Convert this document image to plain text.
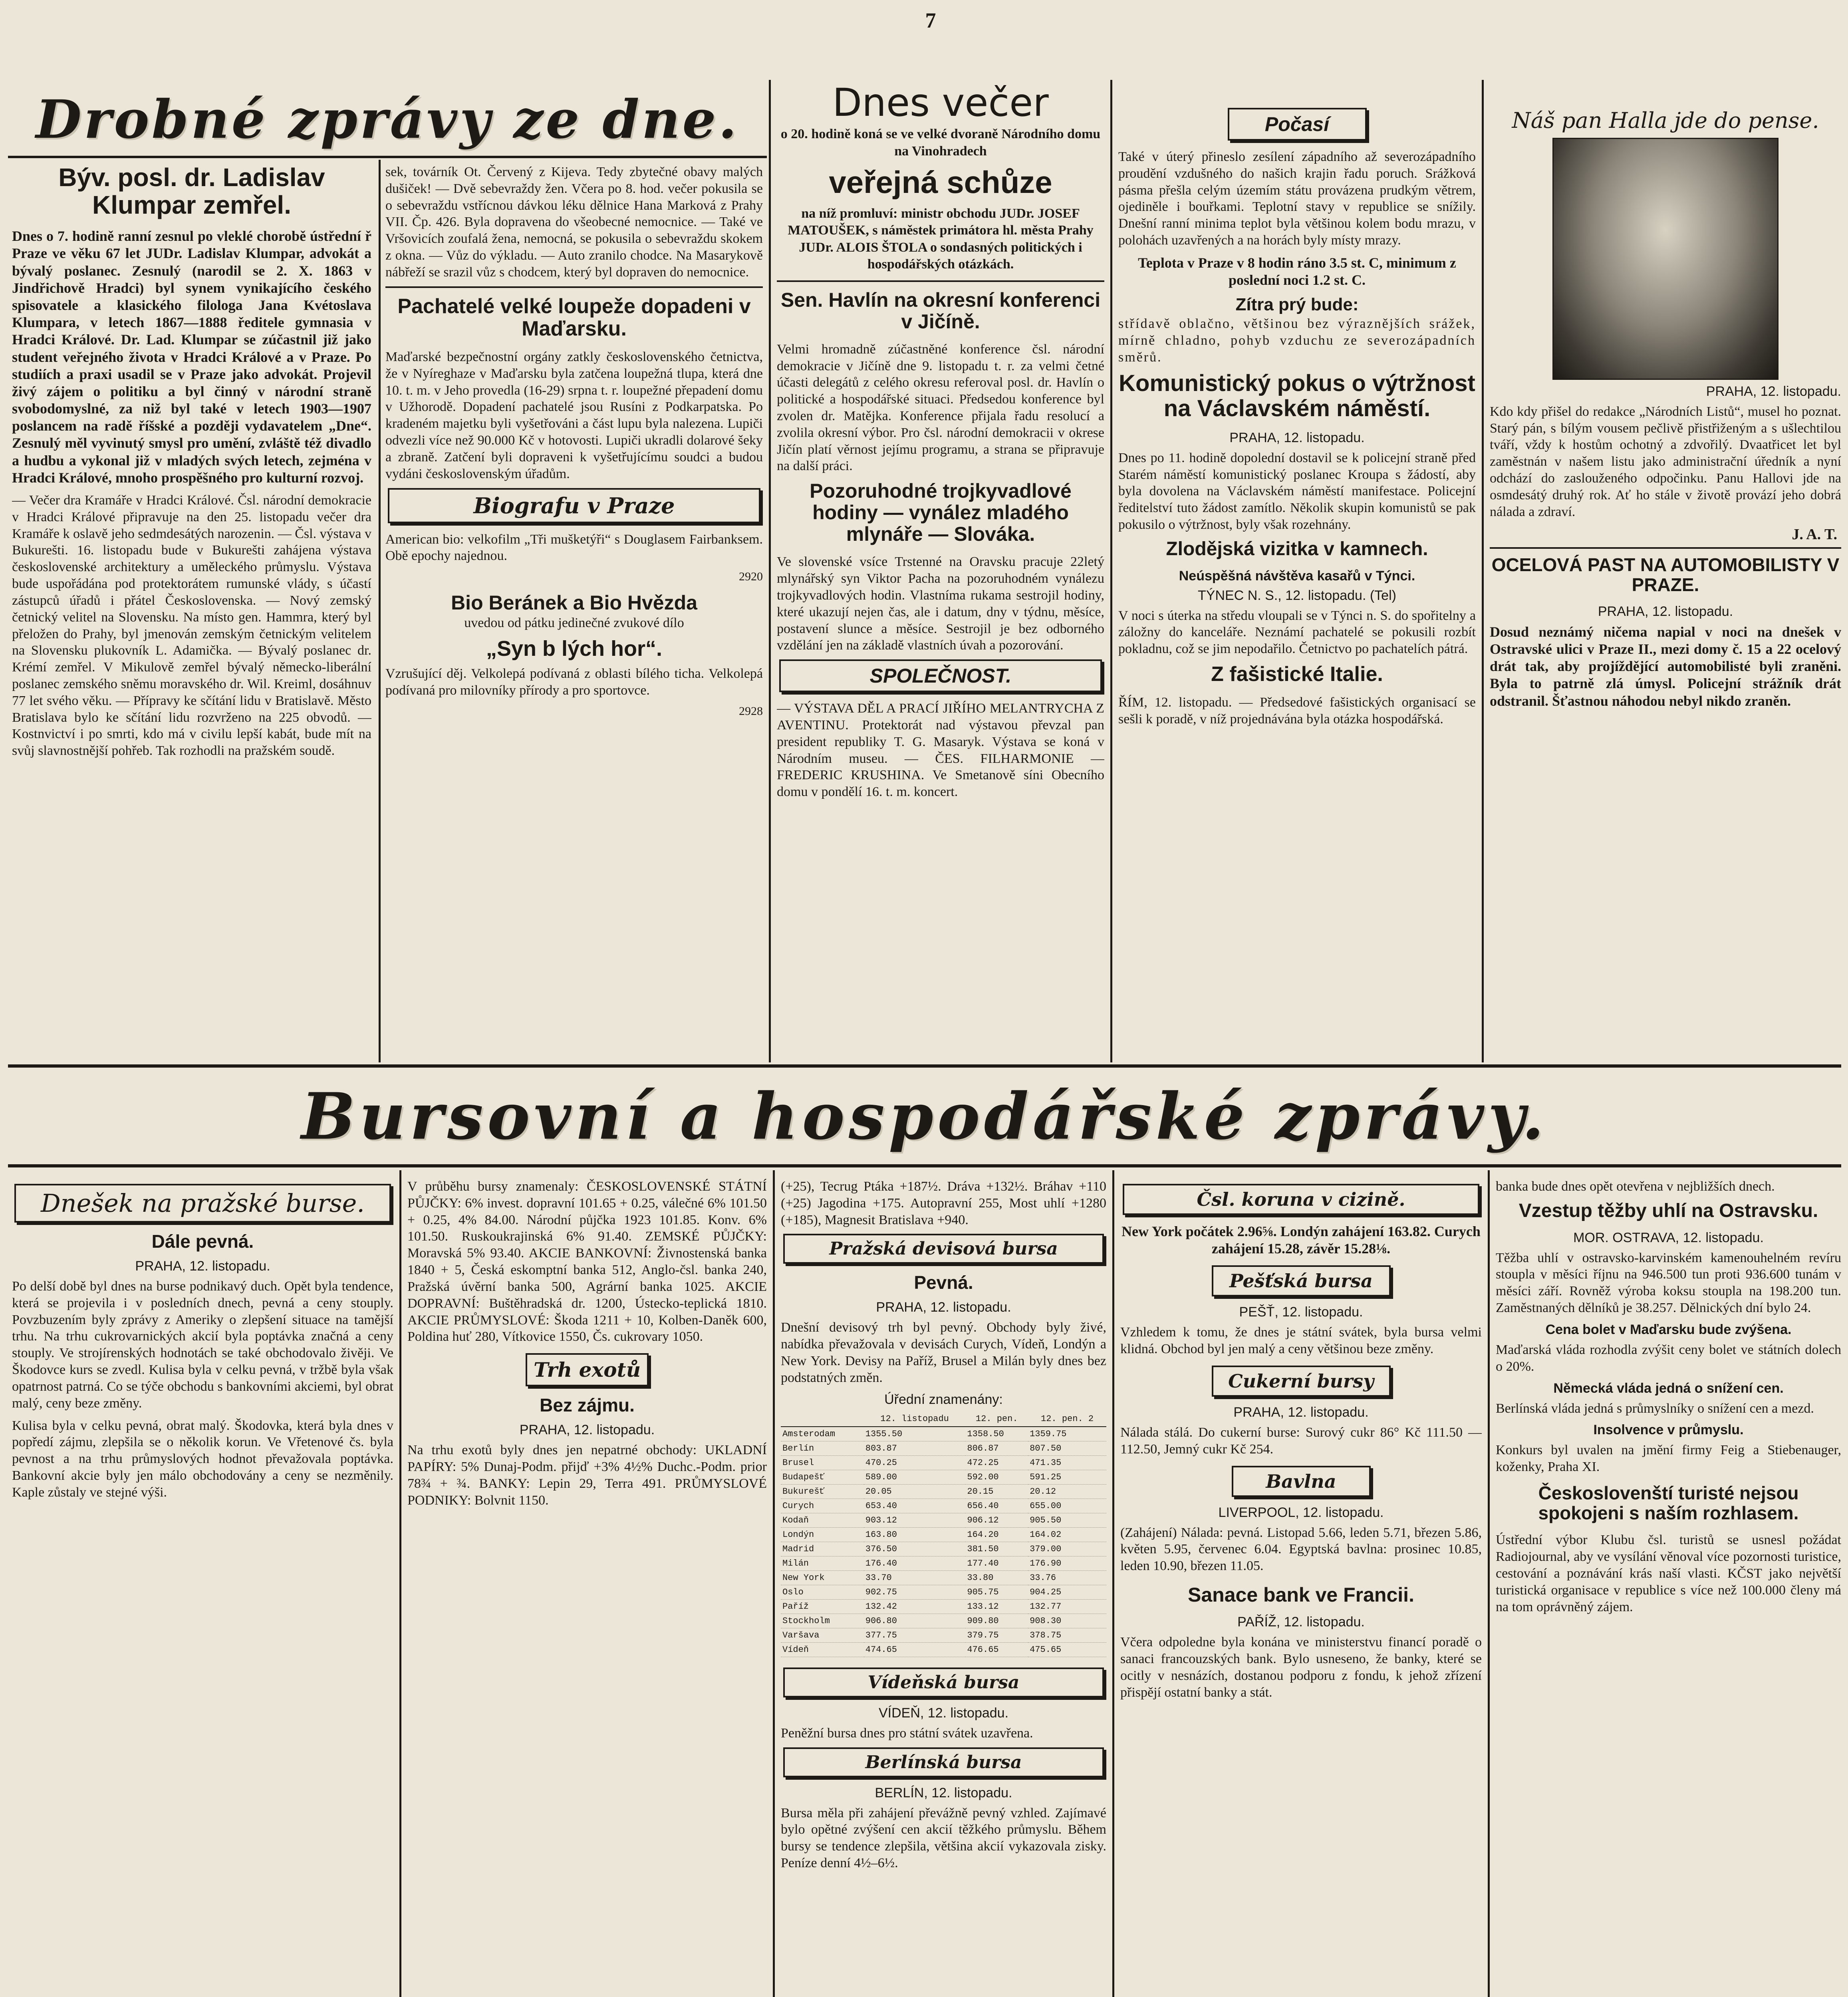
7
Drobné zprávy ze dne.
Býv. posl. dr. Ladislav Klumpar zemřel.

Dnes o 7. hodině ranní zesnul po vleklé chorobě ústřední ř Praze ve věku 67 let JUDr. Ladislav Klumpar, advokát a bývalý poslanec. Zesnulý (narodil se 2. X. 1863 v Jindřichově Hradci) byl synem vynikajícího českého spisovatele a klasického filologa Jana Kvétoslava Klumpara, v letech 1867—1888 ředitele gymnasia v Hradci Králové. Dr. Lad. Klumpar se zúčastnil již jako student veřejného života v Hradci Králové a v Praze. Po studiích a praxi usadil se v Praze jako advokát. Projevil živý zájem o politiku a byl činný v národní straně svobodomyslné, za niž byl také v letech 1903—1907 poslancem na radě říšské a později vydavatelem „Dne“. Zesnulý měl vyvinutý smysl pro umění, zvláště též divadlo a hudbu a vykonal již v mladých svých letech, zejména v Hradci Králové, mnoho prospěšného pro kulturní rozvoj.

— Večer dra Kramáře v Hradci Králové. Čsl. národní demokracie v Hradci Králové připravuje na den 25. listopadu večer dra Kramáře k oslavě jeho sedmdesátých narozenin. — Čsl. výstava v Bukurešti. 16. listopadu bude v Bukurešti zahájena výstava československé architektury a uměleckého průmyslu. Výstava bude uspořádána pod protektorátem rumunské vlády, s účastí zástupců úřadů i přátel Československa. — Nový zemský četnický velitel na Slovensku. Na místo gen. Hammra, který byl přeložen do Prahy, byl jmenován zemským četnickým velitelem na Slovensku plukovník L. Adamička. — Bývalý poslanec dr. Krémí zemřel. V Mikulově zemřel bývalý německo-liberální poslanec zemského sněmu moravského dr. Wil. Kreiml, dosáhnuv 77 let svého věku. — Přípravy ke sčítání lidu v Bratislavě. Město Bratislava bylo ke sčítání lidu rozvrženo na 225 obvodů. — Kostnvictví i po smrti, kdo má v civilu lepší kabát, bude mít na svůj slavnostnější pohřeb. Tak rozhodli na pražském soudě.

sek, továrník Ot. Červený z Kijeva. Tedy zbytečné obavy malých dušiček! — Dvě sebevraždy žen. Včera po 8. hod. večer pokusila se o sebevraždu vstřícnou dávkou léku dělnice Hana Marková z Prahy VII. Čp. 426. Byla dopravena do všeobecné nemocnice. — Také ve Vršovicích zoufalá žena, nemocná, se pokusila o sebevraždu skokem z okna. — Vůz do výkladu. — Auto zranilo chodce. Na Masarykově nábřeží se srazil vůz s chodcem, který byl dopraven do nemocnice.

Pachatelé velké loupeže dopadeni v Maďarsku.

Maďarské bezpečnostní orgány zatkly československého četnictva, že v Nyíreghaze v Maďarsku byla zatčena loupežná tlupa, která dne 10. t. m. v Jeho provedla (16-29) srpna t. r. loupežné přepadení domu v Užhorodě. Dopadení pachatelé jsou Rusíni z Podkarpatska. Po kradeném majetku byli vyšetřováni a část lupu byla nalezena. Lupiči odvezli více než 90.000 Kč v hotovosti. Lupiči ukradli dolarové šeky a zbraně. Zatčení byli dopraveni k vyšetřujícímu soudci a budou vydáni československým úřadům.

Biografu v Praze

American bio: velkofilm „Tři mušketýři“ s Douglasem Fairbanksem. Obě epochy najednou.

2920
Bio Beránek a Bio Hvězda
uvedou od pátku jedinečné zvukové dílo
„Syn b lých hor“.

Vzrušující děj. Velkolepá podívaná z oblasti bílého ticha. Velkolepá podívaná pro milovníky přírody a pro sportovce.

2928
Dnes večer
o 20. hodině koná se ve velké dvoraně Národního domu na Vinohradech
veřejná schůze
na níž promluví: ministr obchodu JUDr. JOSEF MATOUŠEK, s náměstek primátora hl. města Prahy JUDr. ALOIS ŠTOLA o sondasných politických i hospodářských otázkách.
Sen. Havlín na okresní konferenci v Jičíně.

Velmi hromadně zúčastněné konference čsl. národní demokracie v Jičíně dne 9. listopadu t. r. za velmi četné účasti delegátů z celého okresu referoval posl. dr. Havlín o politické a hospodářské situaci. Předsedou konference byl zvolen dr. Matějka. Konference přijala řadu resolucí a zvolila okresní výbor. Pro čsl. národní demokracii v okrese Jičín platí věrnost jejímu programu, a strana se připravuje na další práci.

Pozoruhodné trojkyvadlové hodiny — vynález mladého mlynáře — Slováka.

Ve slovenské vsíce Trstenné na Oravsku pracuje 22letý mlynářský syn Viktor Pacha na pozoruhodném vynálezu trojkyvadlových hodin. Vlastníma rukama sestrojil hodiny, které ukazují nejen čas, ale i datum, dny v týdnu, měsíce, postavení slunce a měsíce. Sestrojil je bez odborného vzdělání jen na základě vlastních úvah a pozorování.

SPOLEČNOST.

— VÝSTAVA DĚL A PRACÍ JIŘÍHO MELANTRYCHA Z AVENTINU. Protektorát nad výstavou převzal pan president republiky T. G. Masaryk. Výstava se koná v Národním museu. — ČES. FILHARMONIE — FREDERIC KRUSHINA. Ve Smetanově síni Obecního domu v pondělí 16. t. m. koncert.

Počasí

Také v úterý přineslo zesílení západního až severozápadního proudění vzdušného do našich krajin řadu poruch. Srážková pásma přešla celým územím státu provázena prudkým větrem, ojediněle i bouřkami. Teplotní stavy v republice se snížily. Dnešní ranní minima teplot byla většinou kolem bodu mrazu, v polohách uzavřených a na horách byly místy mrazy.

Teplota v Praze v 8 hodin ráno 3.5 st. C, minimum z poslední noci 1.2 st. C.

Zítra prý bude:

střídavě oblačno, většinou bez výraznějších srážek, mírně chladno, pohyb vzduchu ze severozápadních směrů.

Komunistický pokus o výtržnost na Václavském náměstí.
PRAHA, 12. listopadu.

Dnes po 11. hodině dopolední dostavil se k policejní straně před Starém náměstí komunistický poslanec Kroupa s žádostí, aby byla dovolena na Václavském náměstí manifestace. Policejní ředitelství tuto žádost zamítlo. Několik skupin komunistů se pak pokusilo o výtržnost, byly však rozehnány.

Zlodějská vizitka v kamnech.
Neúspěšná návštěva kasařů v Týnci.
TÝNEC N. S., 12. listopadu. (Tel)

V noci s úterka na středu vloupali se v Týnci n. S. do spořitelny a záložny do kanceláře. Neznámí pachatelé se pokusili rozbít pokladnu, což se jim nepodařilo. Četnictvo po pachatelích pátrá.

Z fašistické Italie.

ŘÍM, 12. listopadu. — Předsedové fašistických organisací se sešli k poradě, v níž projednávána byla otázka hospodářská.

Náš pan Halla jde do pense.
PRAHA, 12. listopadu.

Kdo kdy přišel do redakce „Národních Listů“, musel ho poznat. Starý pán, s bílým vousem pečlivě přistřiženým a s ušlechtilou tváří, vždy k hostům ochotný a zdvořilý. Dvaatřicet let byl zaměstnán v našem listu jako administrační úředník a nyní odchází do zaslouženého odpočinku. Panu Hallovi jde na osmdesátý druhý rok. Ať ho stále v životě provází jeho dobrá nálada a zdraví.

J. A. T.
OCELOVÁ PAST NA AUTOMOBILISTY V PRAZE.
PRAHA, 12. listopadu.

Dosud neznámý ničema napial v noci na dnešek v Ostravské ulici v Praze II., mezi domy č. 15 a 22 ocelový drát tak, aby projíždějící automobilisté byli zraněni. Byla to patrně zlá úmysl. Policejní strážník drát odstranil. Šťastnou náhodou nebyl nikdo zraněn.

Bursovní a hospodářské zprávy.
Dnešek na pražské burse.
Dále pevná.
PRAHA, 12. listopadu.

Po delší době byl dnes na burse podnikavý duch. Opět byla tendence, která se projevila i v posledních dnech, pevná a ceny stouply. Povzbuzením byly zprávy z Ameriky o zlepšení situace na tamější trhu. Na trhu cukrovarnických akcií byla poptávka značná a ceny stouply. Ve strojírenských hodnotách se také obchodovalo živěji. Ve Škodovce kurs se zvedl. Kulisa byla v celku pevná, v tržbě byla však opatrnost patrná. Co se týče obchodu s bankovními akciemi, byl obrat malý, ceny beze změny.

Kulisa byla v celku pevná, obrat malý. Škodovka, která byla dnes v popředí zájmu, zlepšila se o několik korun. Ve Vřetenové čs. byla pevnost a na trhu průmyslových hodnot převažovala poptávka. Bankovní akcie byly jen málo obchodovány a ceny se nezměnily. Kaple zůstaly ve stejné výši.

V průběhu bursy znamenaly: ČESKOSLOVENSKÉ STÁTNÍ PŮJČKY: 6% invest. dopravní 101.65 + 0.25, válečné 6% 101.50 + 0.25, 4% 84.00. Národní půjčka 1923 101.85. Konv. 6% 101.50. Ruskoukrajinská 6% 91.40. ZEMSKÉ PŮJČKY: Moravská 5% 93.40. AKCIE BANKOVNÍ: Živnostenská banka 1840 + 5, Česká eskomptní banka 512, Anglo-čsl. banka 240, Pražská úvěrní banka 500, Agrární banka 1025. AKCIE DOPRAVNÍ: Buštěhradská dr. 1200, Ústecko-teplická 1810. AKCIE PRŮMYSLOVÉ: Škoda 1211 + 10, Kolben-Daněk 600, Poldina huť 280, Vítkovice 1550, Čs. cukrovary 1050.

Trh exotů
Bez zájmu.
PRAHA, 12. listopadu.

Na trhu exotů byly dnes jen nepatrné obchody: UKLADNÍ PAPÍRY: 5% Dunaj-Podm. přijď +3% 4½% Duchc.-Podm. prior 78¾ + ¾. BANKY: Lepin 29, Terra 491. PRŮMYSLOVÉ PODNIKY: Bolvnit 1150.

(+25), Tecrug Ptáka +187½. Dráva +132½. Bráhav +110 (+25) Jagodina +175. Autopravní 255, Most uhlí +1280 (+185), Magnesit Bratislava +940.

Pražská devisová bursa
Pevná.
PRAHA, 12. listopadu.

Dnešní devisový trh byl pevný. Obchody byly živé, nabídka převažovala v devisách Curych, Vídeň, Londýn a New York. Devisy na Paříž, Brusel a Milán byly dnes bez podstatných změn.

Úřední znamenány:
	12. listopadu	12. pen.	12. pen. 2
Amsterodam	1355.50	1358.50	1359.75
Berlín	803.87	806.87	807.50
Brusel	470.25	472.25	471.35
Budapešť	589.00	592.00	591.25
Bukurešť	20.05	20.15	20.12
Curych	653.40	656.40	655.00
Kodaň	903.12	906.12	905.50
Londýn	163.80	164.20	164.02
Madrid	376.50	381.50	379.00
Milán	176.40	177.40	176.90
New York	33.70	33.80	33.76
Oslo	902.75	905.75	904.25
Paříž	132.42	133.12	132.77
Stockholm	906.80	909.80	908.30
Varšava	377.75	379.75	378.75
Vídeň	474.65	476.65	475.65
Vídeňská bursa
VÍDEŇ, 12. listopadu.

Peněžní bursa dnes pro státní svátek uzavřena.

Berlínská bursa
BERLÍN, 12. listopadu.

Bursa měla při zahájení převážně pevný vzhled. Zajímavé bylo opětné zvýšení cen akcií těžkého průmyslu. Během bursy se tendence zlepšila, většina akcií vykazovala zisky. Peníze denní 4½–6½.

Čsl. koruna v cizině.

New York počátek 2.96⅝. Londýn zahájení 163.82. Curych zahájení 15.28, závěr 15.28⅛.

Pešťská bursa
PEŠŤ, 12. listopadu.

Vzhledem k tomu, že dnes je státní svátek, byla bursa velmi klidná. Obchod byl jen malý a ceny většinou beze změny.

Cukerní bursy
PRAHA, 12. listopadu.

Nálada stálá. Do cukerní burse: Surový cukr 86° Kč 111.50 — 112.50, Jemný cukr Kč 254.

Bavlna
LIVERPOOL, 12. listopadu.

(Zahájení) Nálada: pevná. Listopad 5.66, leden 5.71, březen 5.86, květen 5.95, červenec 6.04. Egyptská bavlna: prosinec 10.85, leden 10.90, březen 11.05.

Sanace bank ve Francii.
PAŘÍŽ, 12. listopadu.

Včera odpoledne byla konána ve ministerstvu financí poradě o sanaci francouzských bank. Bylo usneseno, že banky, které se ocitly v nesnázích, dostanou podporu z fondu, k jehož zřízení přispějí ostatní banky a stát.

banka bude dnes opět otevřena v nejbližších dnech.

Vzestup těžby uhlí na Ostravsku.
MOR. OSTRAVA, 12. listopadu.

Těžba uhlí v ostravsko-karvinském kamenouhelném revíru stoupla v měsíci říjnu na 946.500 tun proti 936.600 tunám v měsíci září. Rovněž výroba koksu stoupla na 198.200 tun. Zaměstnaných dělníků je 38.257. Dělnických dní bylo 24.

Cena bolet v Maďarsku bude zvýšena.

Maďarská vláda rozhodla zvýšit ceny bolet ve státních dolech o 20%.

Německá vláda jedná o snížení cen.

Berlínská vláda jedná s průmyslníky o snížení cen a mezd.

Insolvence v průmyslu.

Konkurs byl uvalen na jmění firmy Feig a Stiebenauger, koženky, Praha XI.

Českoslovenští turisté nejsou spokojeni s naším rozhlasem.

Ústřední výbor Klubu čsl. turistů se usnesl požádat Radiojournal, aby ve vysílání věnoval více pozornosti turistice, cestování a poznávání krás naší vlasti. KČST jako největší turistická organisace v republice s více než 100.000 členy má na tom oprávněný zájem.
